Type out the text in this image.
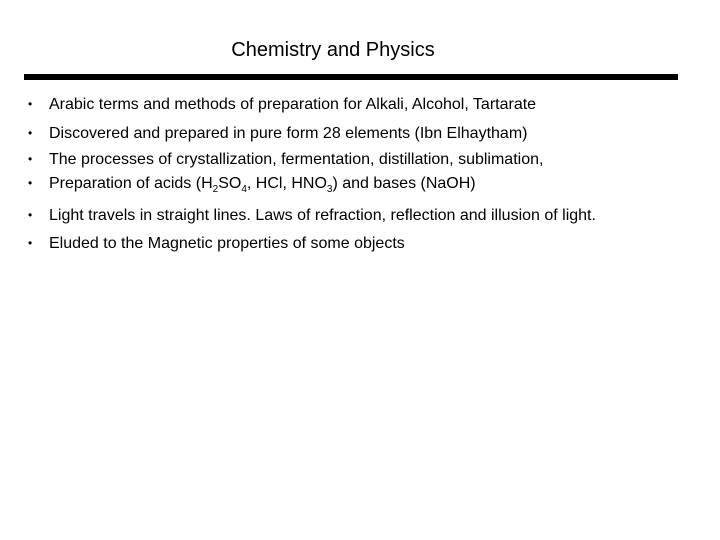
Chemistry and Physics
• Arabic terms and methods of preparation for Alkali, Alcohol, Tartarate
• Discovered and prepared in pure form 28 elements (Ibn Elhaytham)
• The processes of crystallization, fermentation, distillation, sublimation,
• Preparation of acids ($H_2SO_4$, HCl, $HNO_3$) and bases (NaOH)
• Light travels in straight lines. Laws of refraction, reflection and illusion of light.
• Eluded to the Magnetic properties of some objects
